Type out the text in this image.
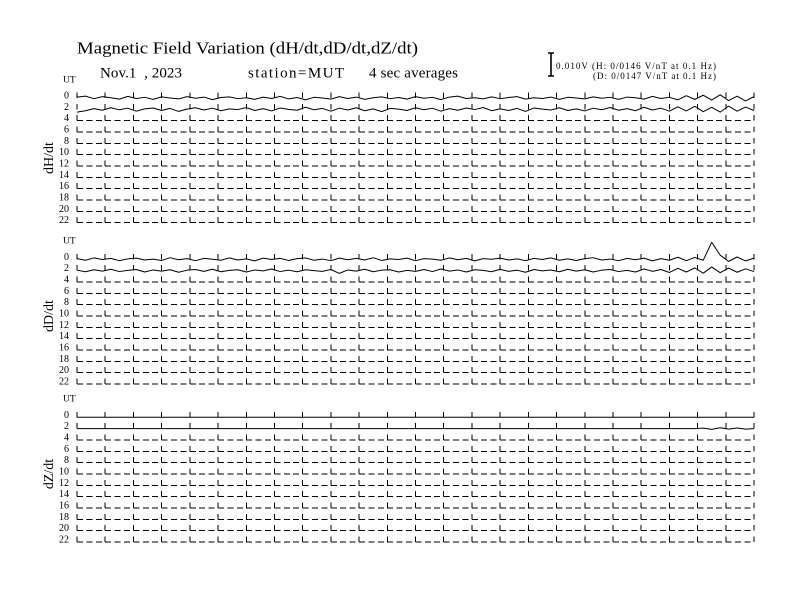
Magnetic Field Variation (dH/dt,dD/dt,dZ/dt)
Nov.1  , 2023	station=MUT 4 sec averages	0.010V (H: 0/0146 V/nT at 0.1 Hz)
(D: 0/0147 V/nT at 0.1 Hz)
UT
dH/dt
0
2
4
6
8
10
12
14
16
18
20
22
UT
dD/dt
0
2
4
6
8
10
12
14
16
18
20
22
UT
dZ/dt
0
2
4
6
8
10
12
14
16
18
20
22
